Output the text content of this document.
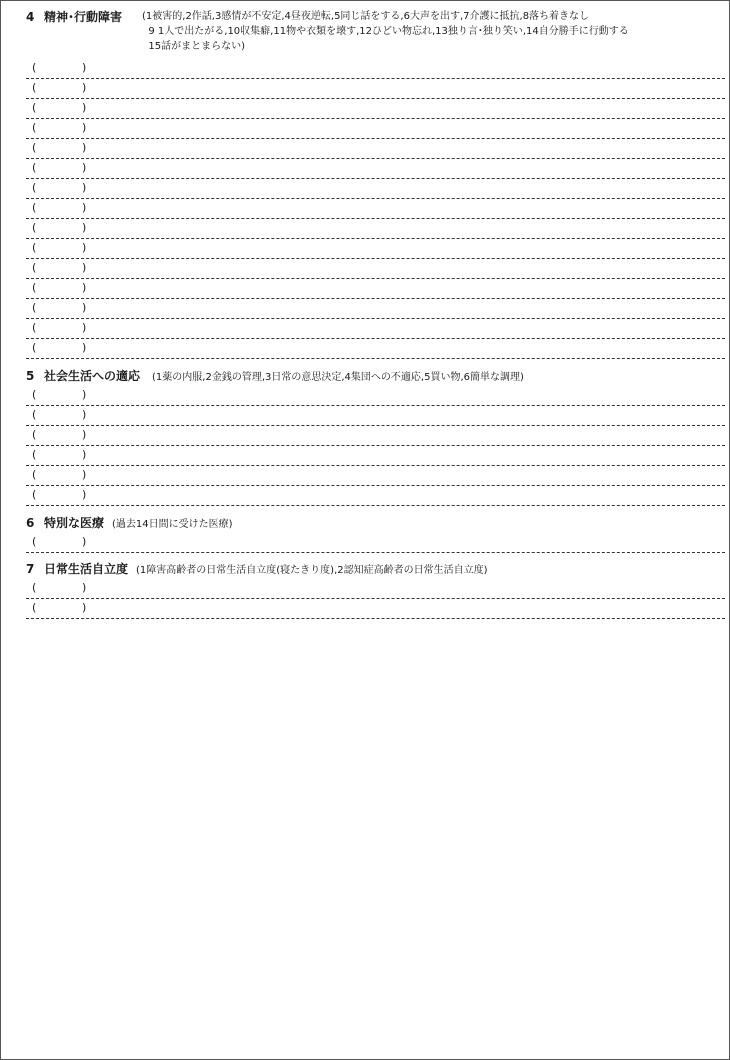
4 精神･行動障害 (1被害的,2作話,3感情が不安定,4昼夜逆転,5同じ話をする,6大声を出す,7介護に抵抗,8落ち着きなし
9 1人で出たがる,10収集癖,11物や衣類を壊す,12ひどい物忘れ,13独り言･独り笑い,14自分勝手に行動する
15話がまとまらない)
(	)
(	)
(	)
(	)
(	)
(	)
(	)
(	)
(	)
(	)
(	)
(	)
(	)
(	)
(	)
5 社会生活への適応 (1薬の内服,2金銭の管理,3日常の意思決定,4集団への不適応,5買い物,6簡単な調理)
(	)
(	)
(	)
(	)
(	)
(	)
6 特別な医療 (過去14日間に受けた医療)
(	)
7 日常生活自立度 (1障害高齢者の日常生活自立度(寝たきり度),2認知症高齢者の日常生活自立度)
(	)
(	)
